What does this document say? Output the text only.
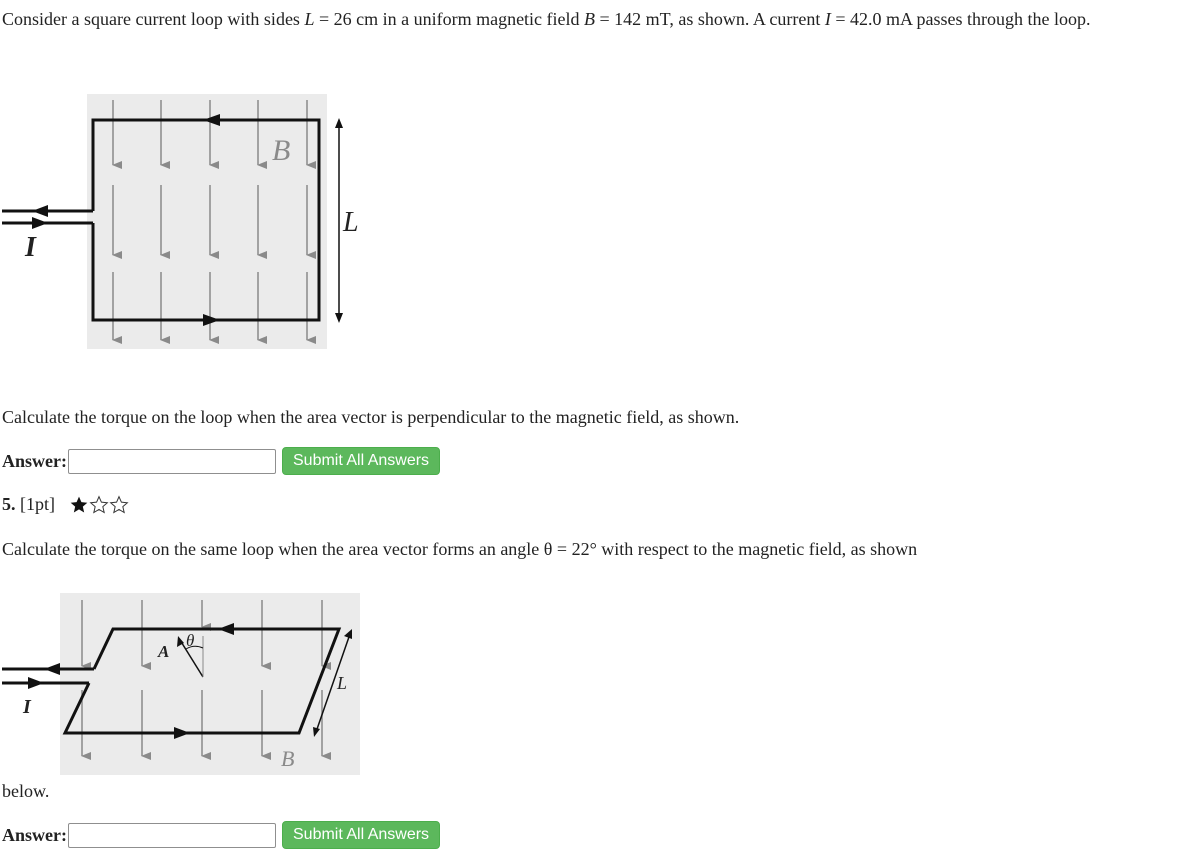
Consider a square current loop with sides L = 26 cm in a uniform magnetic field B = 142 mT, as shown. A current I = 42.0 mA passes through the loop.
B
L
I
Calculate the torque on the loop when the area vector is perpendicular to the magnetic field, as shown.
Answer:	Submit All Answers
5.
[1pt]
Calculate the torque on the same loop when the area vector forms an angle θ = 22° with respect to the magnetic field, as shown
A
θ
L
I
B
below.
Answer:	Submit All Answers
